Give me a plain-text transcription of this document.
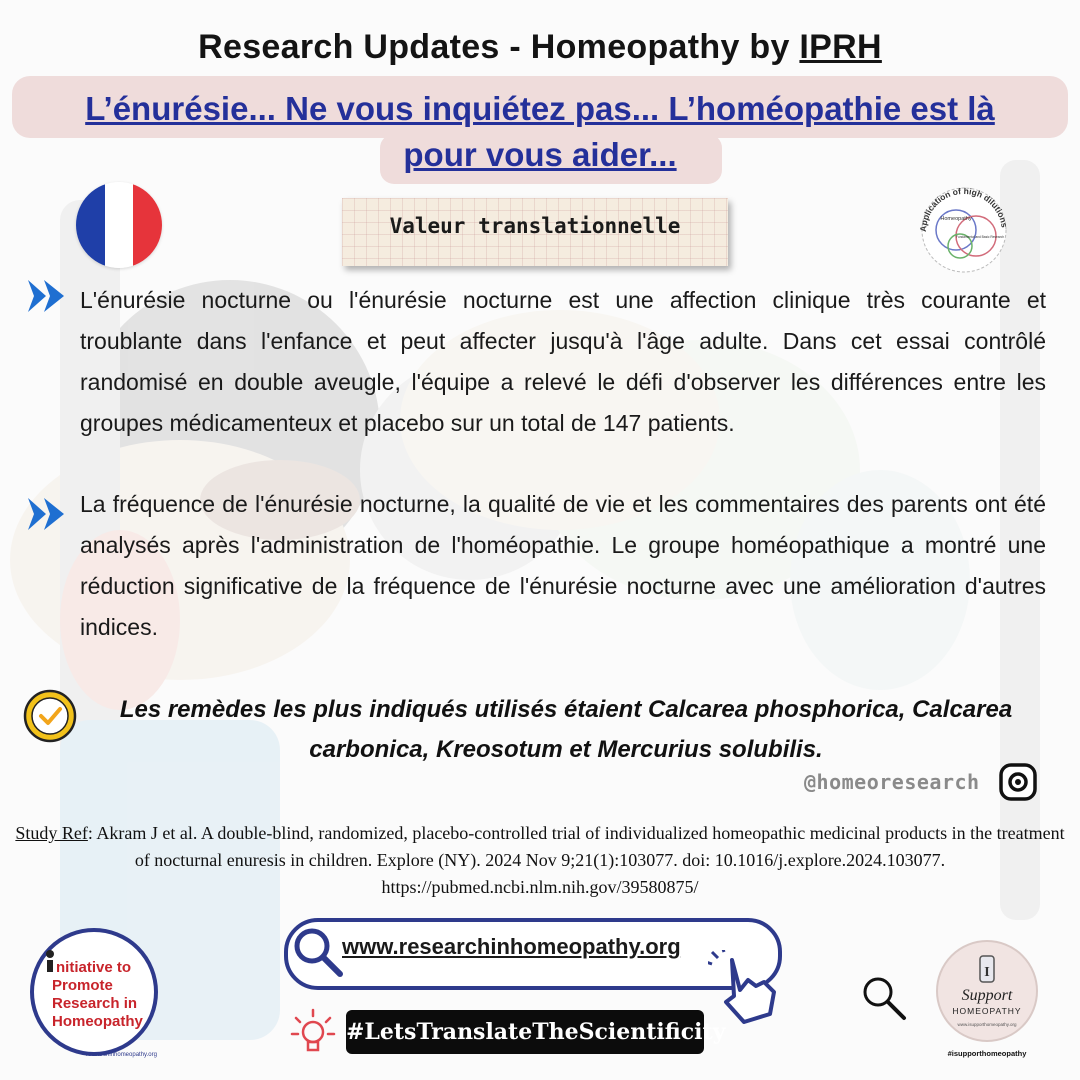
Research Updates - Homeopathy by IPRH
L’énurésie... Ne vous inquiétez pas... L’homéopathie est là
pour vous aider...
Valeur translationnelle	Application of high dilutions
Homeopathy
Fundamental and Basic Research
L'énurésie nocturne ou l'énurésie nocturne est une affection clinique très courante et troublante dans l'enfance et peut affecter jusqu'à l'âge adulte. Dans cet essai contrôlé randomisé en double aveugle, l'équipe a relevé le défi d'observer les différences entre les groupes médicamenteux et placebo sur un total de 147 patients.
La fréquence de l'énurésie nocturne, la qualité de vie et les commentaires des parents ont été analysés après l'administration de l'homéopathie. Le groupe homéopathique a montré une réduction significative de la fréquence de l'énurésie nocturne avec une amélioration d'autres indices.
Les remèdes les plus indiqués utilisés étaient Calcarea phosphorica, Calcarea carbonica, Kreosotum et Mercurius solubilis.
@homeoresearch
Study Ref: Akram J et al. A double-blind, randomized, placebo-controlled trial of individualized homeopathic medicinal products in the treatment of nocturnal enuresis in children. Explore (NY). 2024 Nov 9;21(1):103077. doi: 10.1016/j.explore.2024.103077. https://pubmed.ncbi.nlm.nih.gov/39580875/
nitiative to
Promote
Research in
Homeopathy
researchinhomeopathy.org
www.researchinhomeopathy.org
#LetsTranslateTheScientificity
I
Support
HOMEOPATHY
www.isupporthomeopathy.org
#isupporthomeopathy
